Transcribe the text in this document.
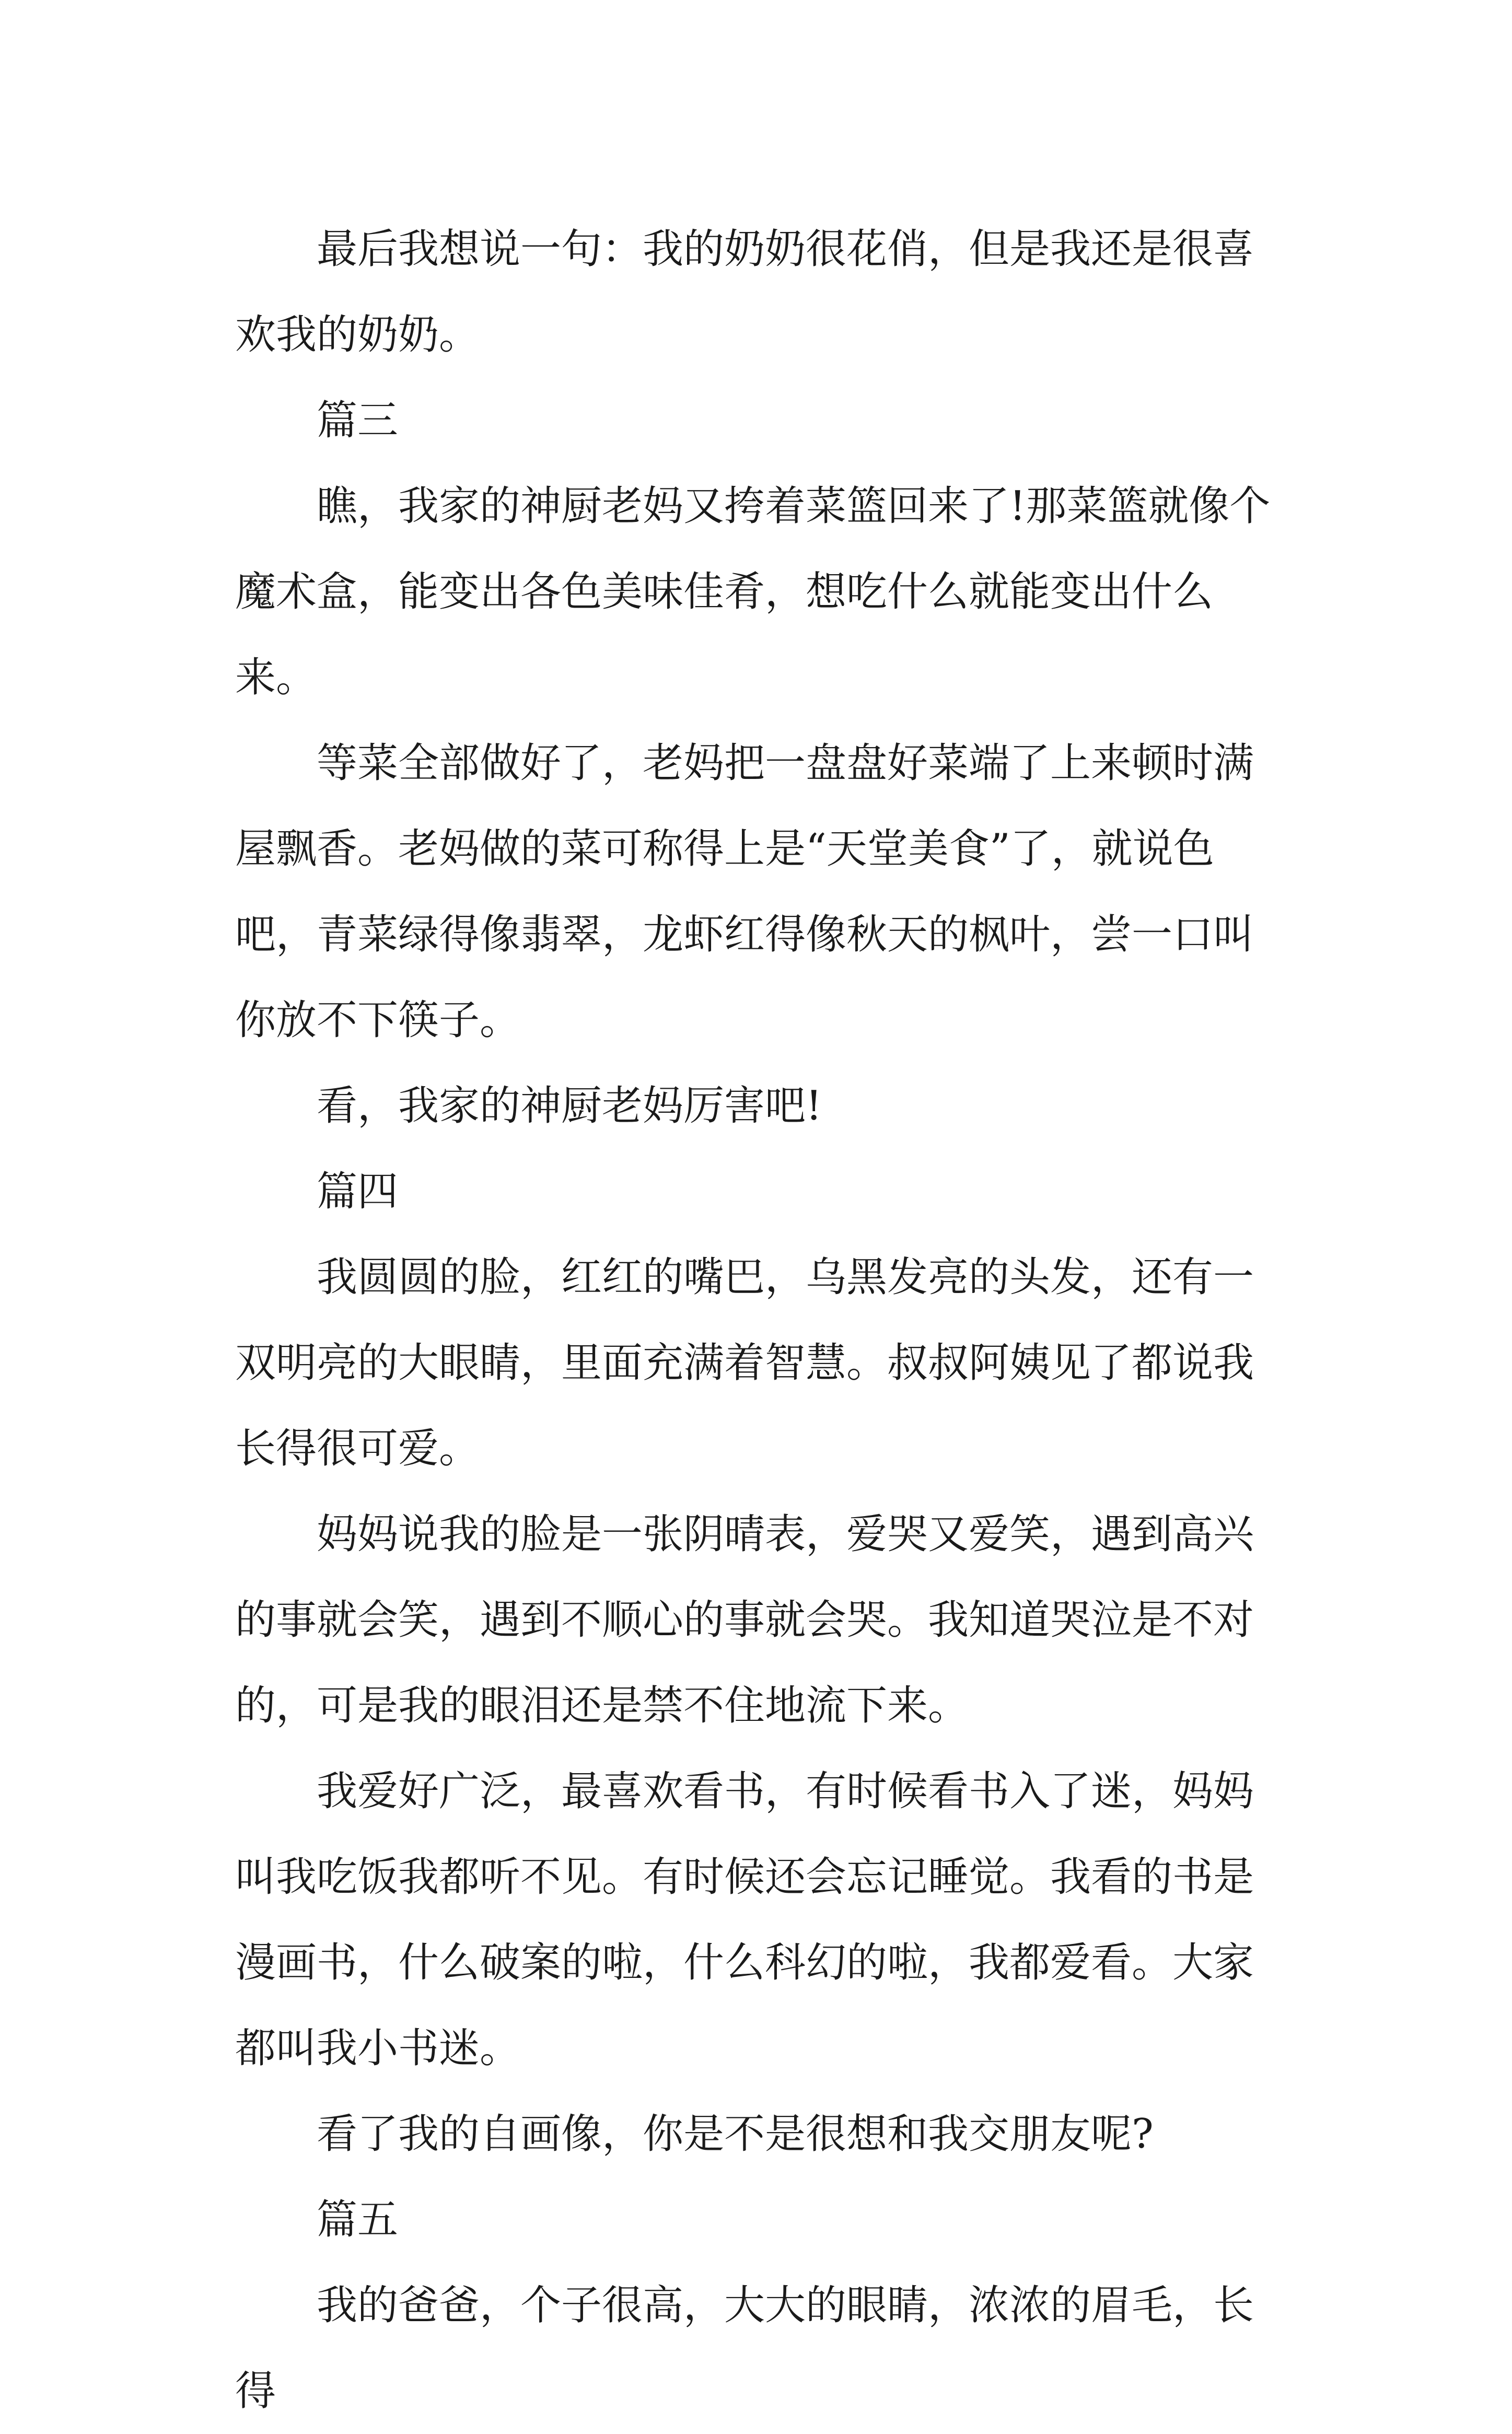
最后我想说一句：我的奶奶很花俏，但是我还是很喜欢我的奶奶。

篇三

瞧，我家的神厨老妈又挎着菜篮回来了!那菜篮就像个魔术盒，能变出各色美味佳肴，想吃什么就能变出什么来。

等菜全部做好了，老妈把一盘盘好菜端了上来顿时满屋飘香。老妈做的菜可称得上是“天堂美食”了，就说色吧，青菜绿得像翡翠，龙虾红得像秋天的枫叶，尝一口叫你放不下筷子。

看，我家的神厨老妈厉害吧!

篇四

我圆圆的脸，红红的嘴巴，乌黑发亮的头发，还有一双明亮的大眼睛，里面充满着智慧。叔叔阿姨见了都说我长得很可爱。

妈妈说我的脸是一张阴晴表，爱哭又爱笑，遇到高兴的事就会笑，遇到不顺心的事就会哭。我知道哭泣是不对的，可是我的眼泪还是禁不住地流下来。

我爱好广泛，最喜欢看书，有时候看书入了迷，妈妈叫我吃饭我都听不见。有时候还会忘记睡觉。我看的书是漫画书，什么破案的啦，什么科幻的啦，我都爱看。大家都叫我小书迷。

看了我的自画像，你是不是很想和我交朋友呢?

篇五

我的爸爸，个子很高，大大的眼睛，浓浓的眉毛，长得
